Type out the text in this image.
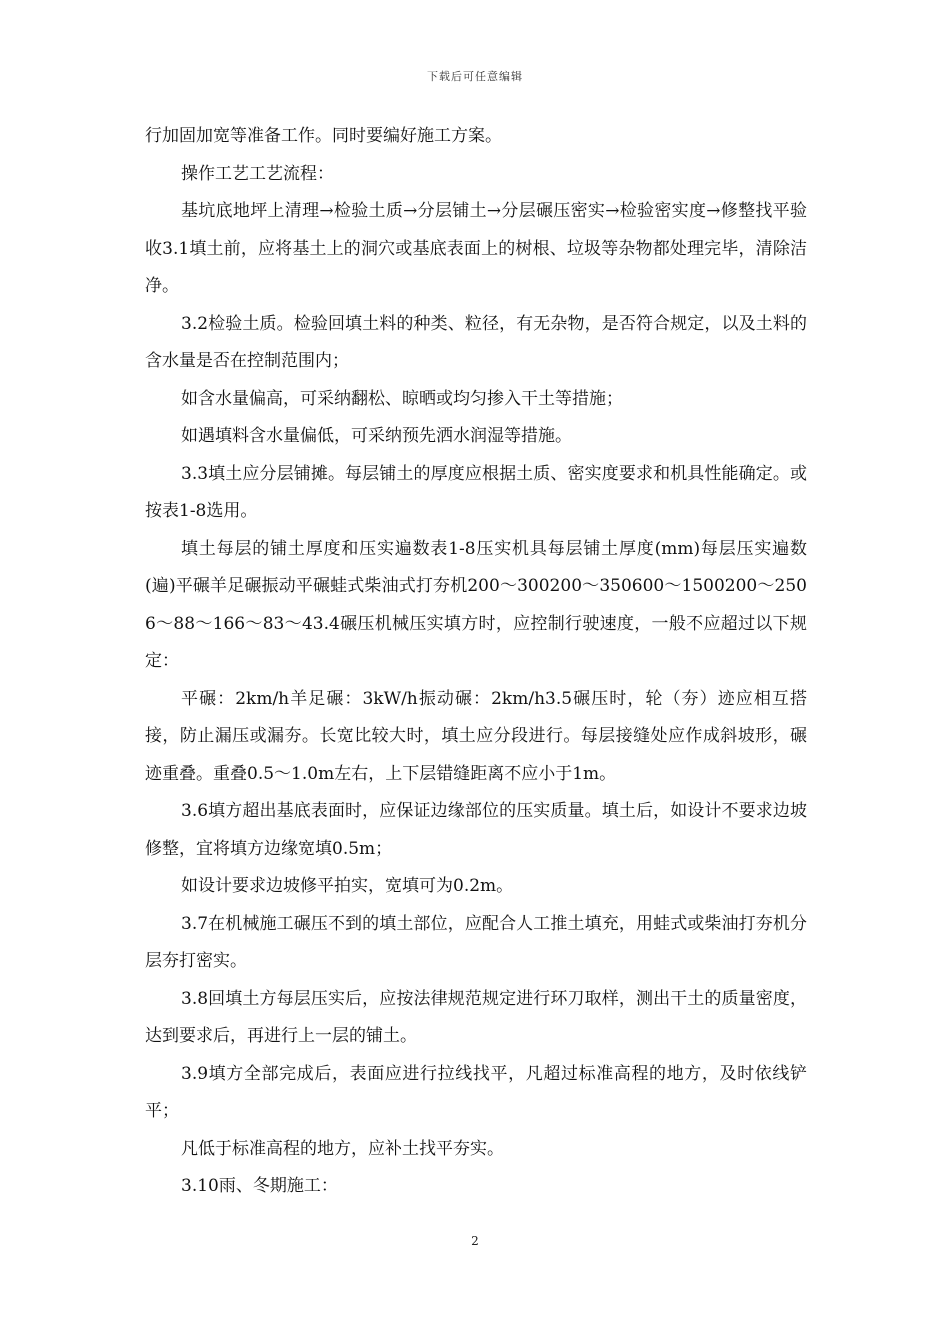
下载后可任意编辑

行加固加宽等准备工作。同时要编好施工方案。

操作工艺工艺流程：

基坑底地坪上清理→检验土质→分层铺土→分层碾压密实→检验密实度→修整找平验收3.1填土前，应将基土上的洞穴或基底表面上的树根、垃圾等杂物都处理完毕，清除洁净。

3.2检验土质。检验回填土料的种类、粒径，有无杂物，是否符合规定，以及土料的含水量是否在控制范围内；

如含水量偏高，可采纳翻松、晾晒或均匀掺入干土等措施；

如遇填料含水量偏低，可采纳预先洒水润湿等措施。

3.3填土应分层铺摊。每层铺土的厚度应根据土质、密实度要求和机具性能确定。或按表1-8选用。

填土每层的铺土厚度和压实遍数表1-8压实机具每层铺土厚度(mm)每层压实遍数(遍)平碾羊足碾振动平碾蛙式柴油式打夯机200～300200～350600～1500200～2506～88～166～83～43.4碾压机械压实填方时，应控制行驶速度，一般不应超过以下规定：

平碾：2km/h羊足碾：3kW/h振动碾：2km/h3.5碾压时，轮（夯）迹应相互搭接，防止漏压或漏夯。长宽比较大时，填土应分段进行。每层接缝处应作成斜坡形，碾迹重叠。重叠0.5～1.0m左右，上下层错缝距离不应小于1m。

3.6填方超出基底表面时，应保证边缘部位的压实质量。填土后，如设计不要求边坡修整，宜将填方边缘宽填0.5m；

如设计要求边坡修平拍实，宽填可为0.2m。

3.7在机械施工碾压不到的填土部位，应配合人工推土填充，用蛙式或柴油打夯机分层夯打密实。

3.8回填土方每层压实后，应按法律规范规定进行环刀取样，测出干土的质量密度，达到要求后，再进行上一层的铺土。

3.9填方全部完成后，表面应进行拉线找平，凡超过标准高程的地方，及时依线铲平；

凡低于标准高程的地方，应补土找平夯实。

3.10雨、冬期施工：

2
